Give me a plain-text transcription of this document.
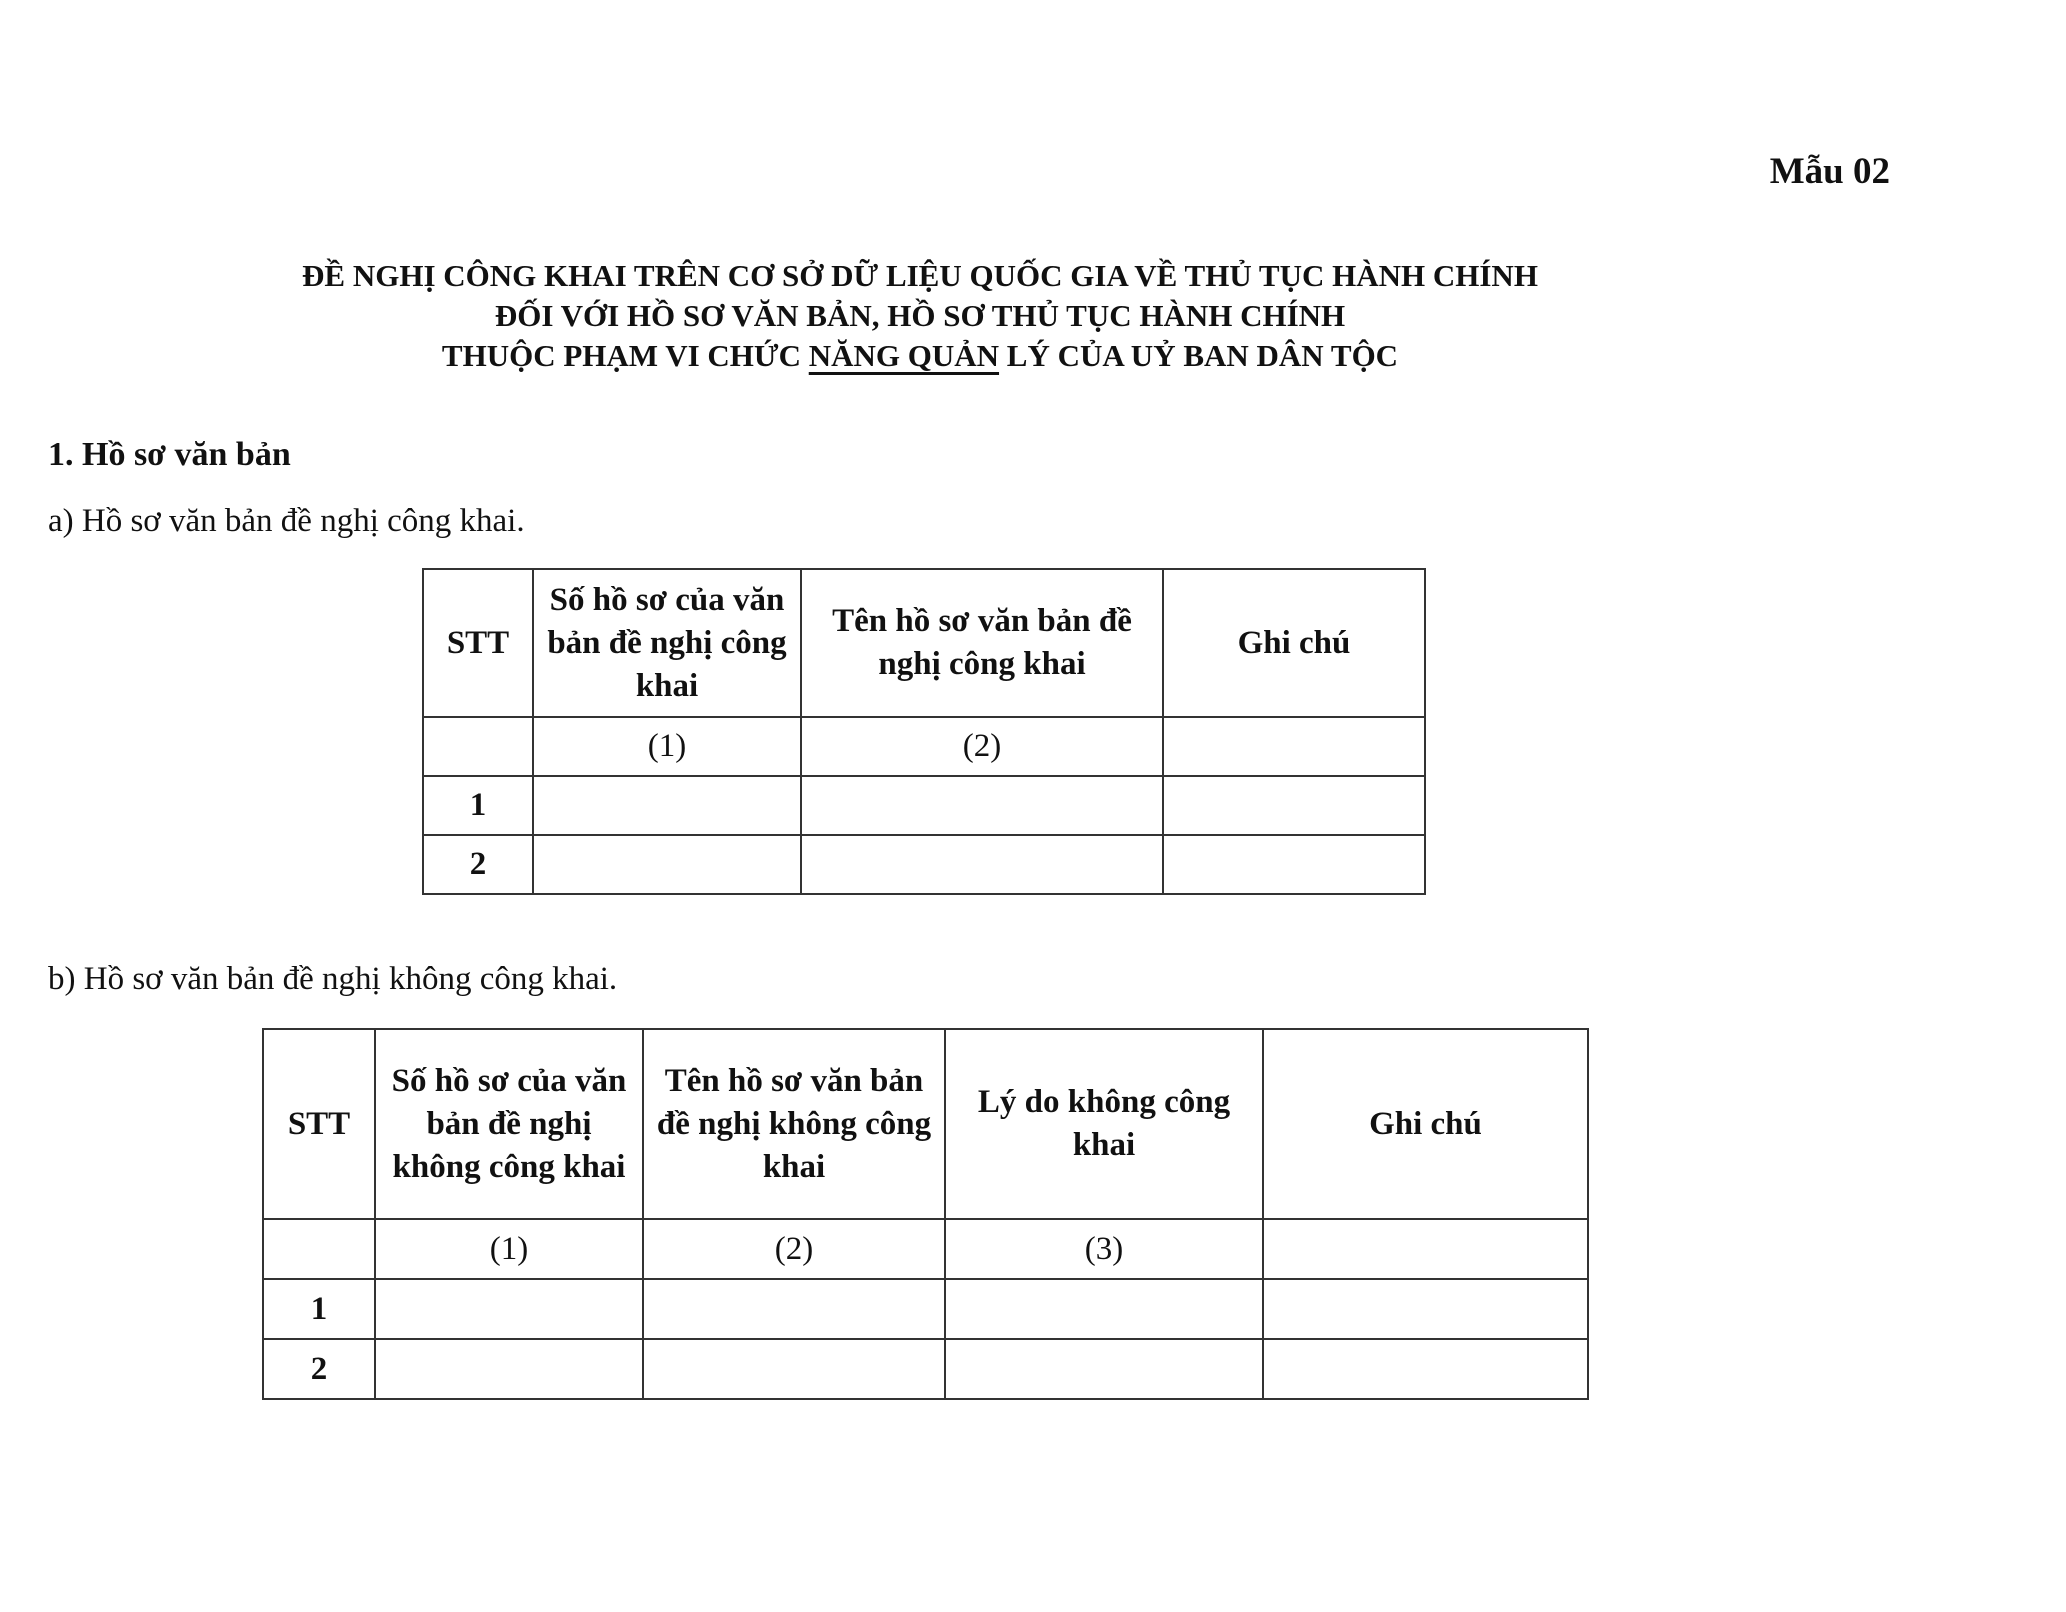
Mẫu 02
ĐỀ NGHỊ CÔNG KHAI TRÊN CƠ SỞ DỮ LIỆU QUỐC GIA VỀ THỦ TỤC HÀNH CHÍNH
ĐỐI VỚI HỒ SƠ VĂN BẢN, HỒ SƠ THỦ TỤC HÀNH CHÍNH
THUỘC PHẠM VI CHỨC NĂNG QUẢN LÝ CỦA UỶ BAN DÂN TỘC
1. Hồ sơ văn bản
a) Hồ sơ văn bản đề nghị công khai.
STT	Số hồ sơ của văn bản đề nghị công khai	Tên hồ sơ văn bản đề nghị công khai	Ghi chú
	(1)	(2)	
1			
2			
b) Hồ sơ văn bản đề nghị không công khai.
STT	Số hồ sơ của văn bản đề nghị không công khai	Tên hồ sơ văn bản đề nghị không công khai	Lý do không công khai	Ghi chú
	(1)	(2)	(3)	
1				
2				
